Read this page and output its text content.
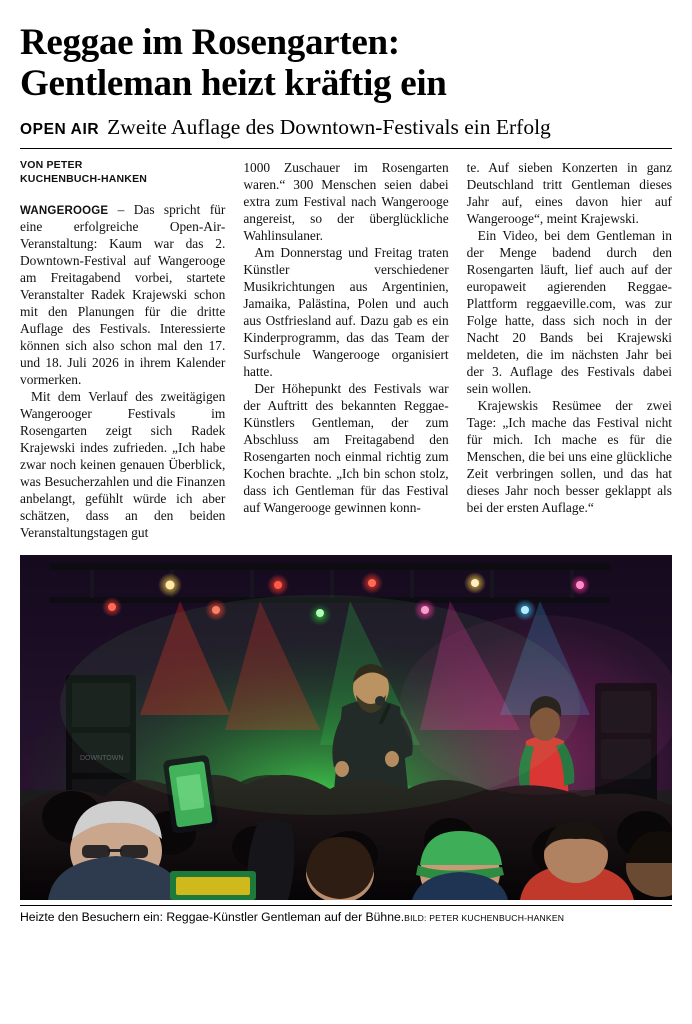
Reggae im Rosengarten:
Gentleman heizt kräftig ein
OPEN AIR Zweite Auflage des Downtown-Festivals ein Erfolg
VON PETER
KUCHENBUCH-HANKEN

WANGEROOGE – Das spricht für eine erfolgreiche Open-Air-Veranstaltung: Kaum war das 2. Downtown-Festival auf Wangerooge am Freitagabend vorbei, startete Veranstalter Radek Krajewski schon mit den Planungen für die dritte Auflage des Festivals. Interessierte können sich also schon mal den 17. und 18. Juli 2026 in ihrem Kalender vormerken.

Mit dem Verlauf des zweitägigen Wangerooger Festivals im Rosengarten zeigt sich Radek Krajewski indes zufrieden. „Ich habe zwar noch keinen genauen Überblick, was Besucherzahlen und die Finanzen anbelangt, gefühlt würde ich aber schätzen, dass an den beiden Veranstaltungstagen gut

1000 Zuschauer im Rosengarten waren.“ 300 Menschen seien dabei extra zum Festival nach Wangerooge angereist, so der überglückliche Wahlinsulaner.

Am Donnerstag und Freitag traten Künstler verschiedener Musikrichtungen aus Argentinien, Jamaika, Palästina, Polen und auch aus Ostfriesland auf. Dazu gab es ein Kinderprogramm, das das Team der Surfschule Wangerooge organisiert hatte.

Der Höhepunkt des Festivals war der Auftritt des bekannten Reggae-Künstlers Gentleman, der zum Abschluss am Freitagabend den Rosengarten noch einmal richtig zum Kochen brachte. „Ich bin schon stolz, dass ich Gentleman für das Festival auf Wangerooge gewinnen konn-

te. Auf sieben Konzerten in ganz Deutschland tritt Gentleman dieses Jahr auf, eines davon hier auf Wangerooge“, meint Krajewski.

Ein Video, bei dem Gentleman in der Menge badend durch den Rosengarten läuft, lief auch auf der europaweit agierenden Reggae-Plattform reggaeville.com, was zur Folge hatte, dass sich noch in der Nacht 20 Bands bei Krajewski meldeten, die im nächsten Jahr bei der 3. Auflage des Festivals dabei sein wollen.

Krajewskis Resümee der zwei Tage: „Ich mache das Festival nicht für mich. Ich mache es für die Menschen, die bei uns eine glückliche Zeit verbringen sollen, und das hat dieses Jahr noch besser geklappt als bei der ersten Auflage.“

DOWNTOWN
Heizte den Besuchern ein: Reggae-Künstler Gentleman auf der Bühne.BILD: PETER KUCHENBUCH-HANKEN
